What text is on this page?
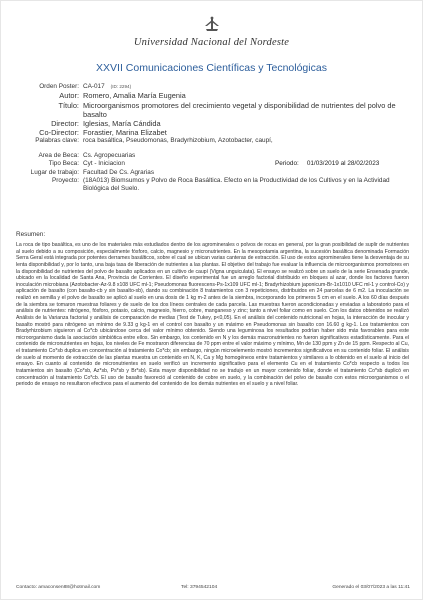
Universidad Nacional del Nordeste
XXVII Comunicaciones Científicas y Tecnológicas
Orden Poster: CA-017 (ID: 2294)
Autor: Romero, Amalia María Eugenia
Título: Microorganismos promotores del crecimiento vegetal y disponibilidad de nutrientes del polvo de basalto
Director: Iglesias, María Cándida
Co-Director: Forastier, Marina Elizabet
Palabras clave: roca basáltica, Pseudomonas, Bradyrhizobium, Azotobacter, caupí,
Area de Beca: Cs. Agropecuarias
Tipo Beca: Cyt - Iniciacion	Periodo: 01/03/2019 al 28/02/2023
Lugar de trabajo: Facultad De Cs. Agrarias
Proyecto: (18A013) Biomsumos y Polvo de Roca Basáltica. Efecto en la Productividad de los Cultivos y en la Actividad Biológica del Suelo.
Resumen:
La roca de tipo basáltica, es uno de los materiales más estudiados dentro de los agrominerales o polvos de rocas en general, por la gran posibilidad de suplir de nutrientes al suelo debido a su composición, especialmente fósforo, calcio, magnesio y micronutrientes. En la mesopotamia argentina, la sucesión basáltica denominada Formación Serra Geral está integrada por potentes derrames basálticos, sobre el cual se ubican varias canteras de extracción. El uso de estos agrominerales tiene la desventaja de su lenta disponibilidad y, por lo tanto, una baja tasa de liberación de nutrientes a las plantas. El objetivo del trabajo fue evaluar la influencia de microorganismos promotores en la disponibilidad de nutrientes del polvo de basalto aplicados en un cultivo de caupí (Vigna unguiculata). El ensayo se realizó sobre un suelo de la serie Ensenada grande, ubicado en la localidad de Santa Ana, Provincia de Corrientes. El diseño experimental fue un arreglo factorial distribuido en bloques al azar, donde los factores fueron inoculación microbiana (Azotobacter-Az-9.8 x108 UFC ml-1; Pseudomonas fluorescens-Ps-1x109 UFC ml-1; Bradyrhizobium japonicum-Br-1x1010 UFC ml-1 y control-Co) y aplicación de basalto (con basalto-cb y sin basalto-sb), dando su combinación 8 tratamientos con 3 repeticiones, distribuidos en 24 parcelas de 6 m2. La inoculación se realizó en semilla y el polvo de basalto se aplicó al suelo en una dosis de 1 kg m-2 antes de la siembra, incorporando los primeros 5 cm en el suelo. A los 60 días después de la siembra se tomaron muestras foliares y de suelo de los dos líneos centrales de cada parcela. Las muestras fueron acondicionadas y enviadas a laboratorio para el análisis de nutrientes: nitrógeno, fósforo, potasio, calcio, magnesio, hierro, cobre, manganeso y zinc; tanto a nivel foliar como en suelo. Con los datos obtenidos se realizó Análisis de la Varianza factorial y análisis de comparación de medias (Test de Tukey, p<0,05). En el análisis del contenido nutricional en hojas, la interacción de inocular y basalto mostró para nitrógeno un mínimo de 9.33 g kg-1 en el control con basalto y un máximo en Pseudomonas sin basalto con 16.60 g kg-1. Los tratamientos con Bradyrhizobium siguieron al Co*cb ubicándose cerca del valor mínimo obtenido. Siendo una leguminosa los resultados podrían haber sido más favorables para este microorganismo dada la asociación simbiótica entre ellos. Sin embargo, los contenido en N y los demás macronutrientes no fueron significativos estadísticamente. Para el contenido de micronutrientes en hojas, los niveles de Fe mostraron diferencias de 70 ppm entre el valor máximo y mínimo, Mn de 130 ppm y Zn de 15 ppm. Respecto al Cu, el tratamiento Co*sb duplica en concentración al tratamiento Co*cb; sin embargo, ningún microelemento mostró incrementos significativos en su contenido foliar. El análisis de suelo al momento de extracción de las plantas muestra un contenido en N, K, Ca y Mg homogéneos entre tratamientos y similares a lo obtenido en el suelo al inicio del ensayo. En cuanto al contenido de micronutrientes en suelo verificó un incremento significativo para el elemento Cu en el tratamiento Co*cb respecto a todos los tratamientos sin basalto (Co*sb, Az*sb, Ps*sb y Br*sb). Esta mayor disponibilidad no se tradujo en un mayor contenido foliar, donde el tratamiento Co*sb duplicó en concentración al tratamiento Co*cb. El uso de basalto favoreció al contenido de cobre en suelo, y la combinación del polvo de basalto con estos microorganismos o el periodo de ensayo no resultaron efectivos para el aumento del contenido de los demás nutrientes en el suelo y a nivel foliar.
Contacto: amaconsen88@hotmail.com	Tel: 3794542104	Generado el 03/07/2023 a las 11:41
